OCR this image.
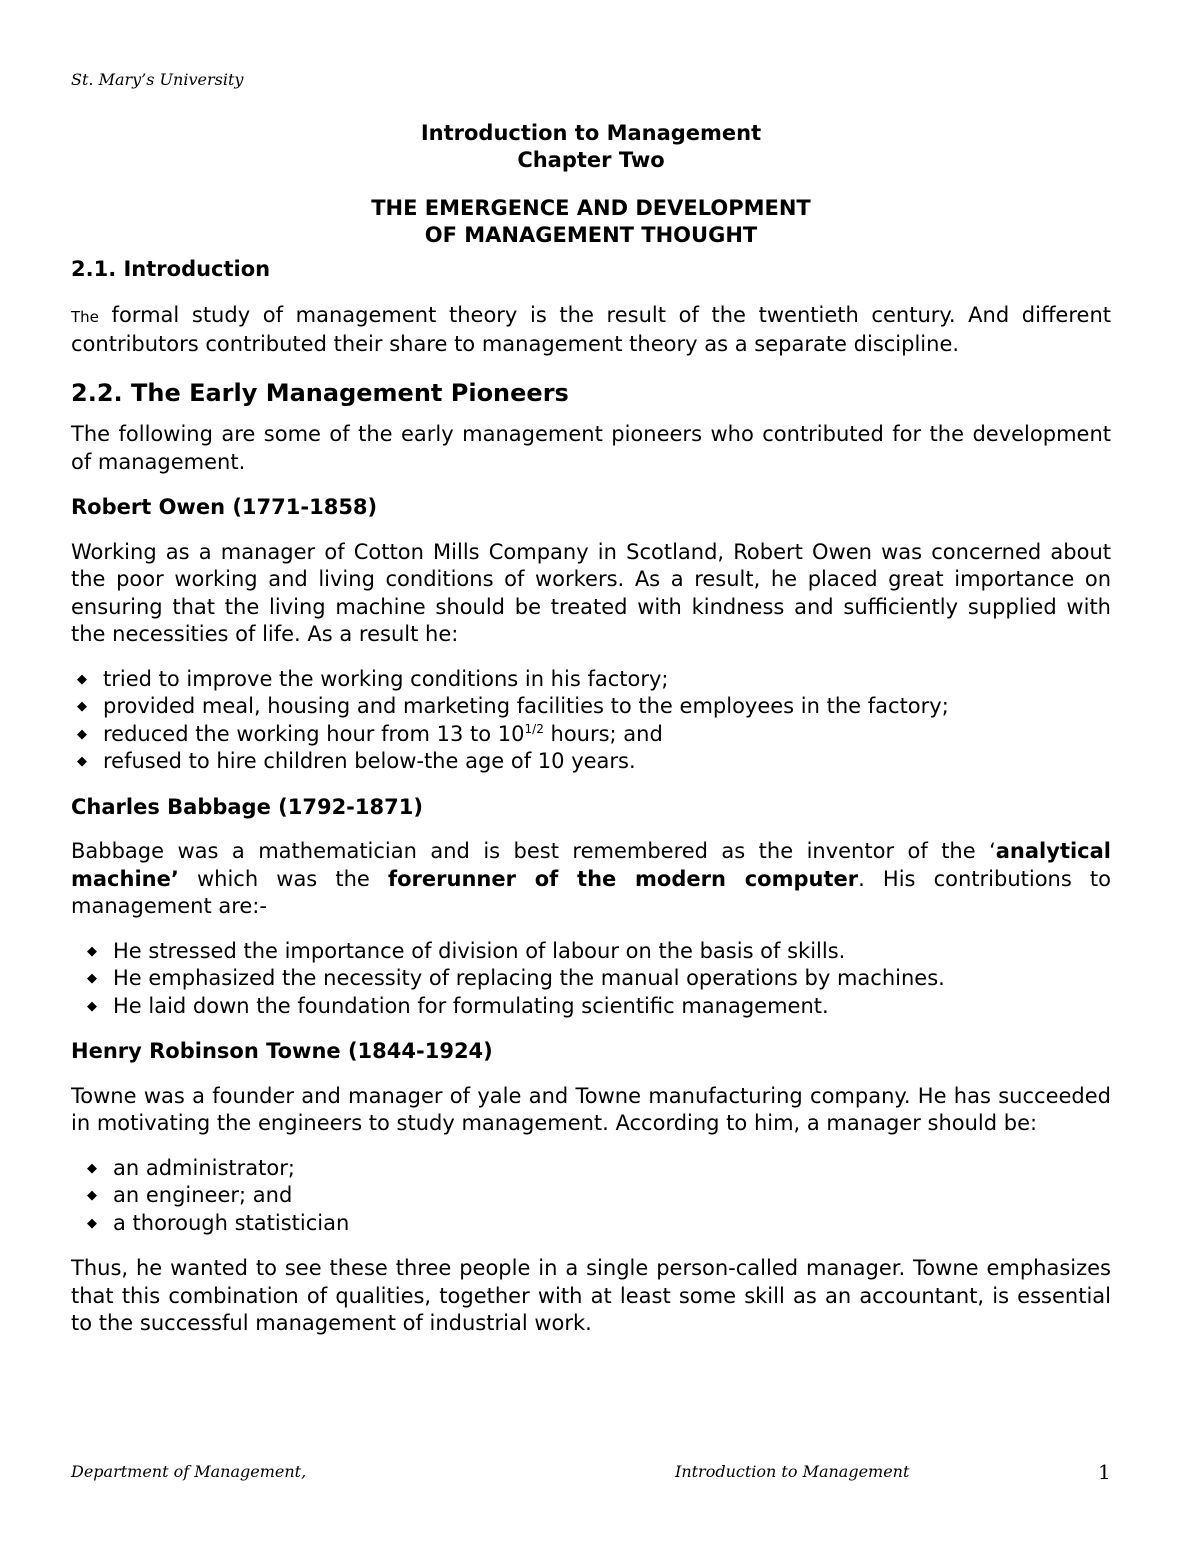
St. Mary’s University
Introduction to Management
Chapter Two
THE EMERGENCE AND DEVELOPMENT
OF MANAGEMENT THOUGHT
2.1. Introduction

The formal study of management theory is the result of the twentieth century. And different contributors contributed their share to management theory as a separate discipline.

2.2. The Early Management Pioneers

The following are some of the early management pioneers who contributed for the development of management.

Robert Owen (1771-1858)

Working as a manager of Cotton Mills Company in Scotland, Robert Owen was concerned about the poor working and living conditions of workers. As a result, he placed great importance on ensuring that the living machine should be treated with kindness and sufficiently supplied with the necessities of life. As a result he:

◆ tried to improve the working conditions in his factory;
◆ provided meal, housing and marketing facilities to the employees in the factory;
◆ reduced the working hour from 13 to $10^{1/2}$ hours; and
◆ refused to hire children below-the age of 10 years.
Charles Babbage (1792-1871)

Babbage was a mathematician and is best remembered as the inventor of the ‘analytical machine’ which was the forerunner of the modern computer. His contributions to management are:-

◆ He stressed the importance of division of labour on the basis of skills.
◆ He emphasized the necessity of replacing the manual operations by machines.
◆ He laid down the foundation for formulating scientific management.
Henry Robinson Towne (1844-1924)

Towne was a founder and manager of yale and Towne manufacturing company. He has succeeded in motivating the engineers to study management. According to him, a manager should be:

◆ an administrator;
◆ an engineer; and
◆ a thorough statistician

Thus, he wanted to see these three people in a single person-called manager. Towne emphasizes that this combination of qualities, together with at least some skill as an accountant, is essential to the successful management of industrial work.

Department of Management,	Introduction to Management	1
